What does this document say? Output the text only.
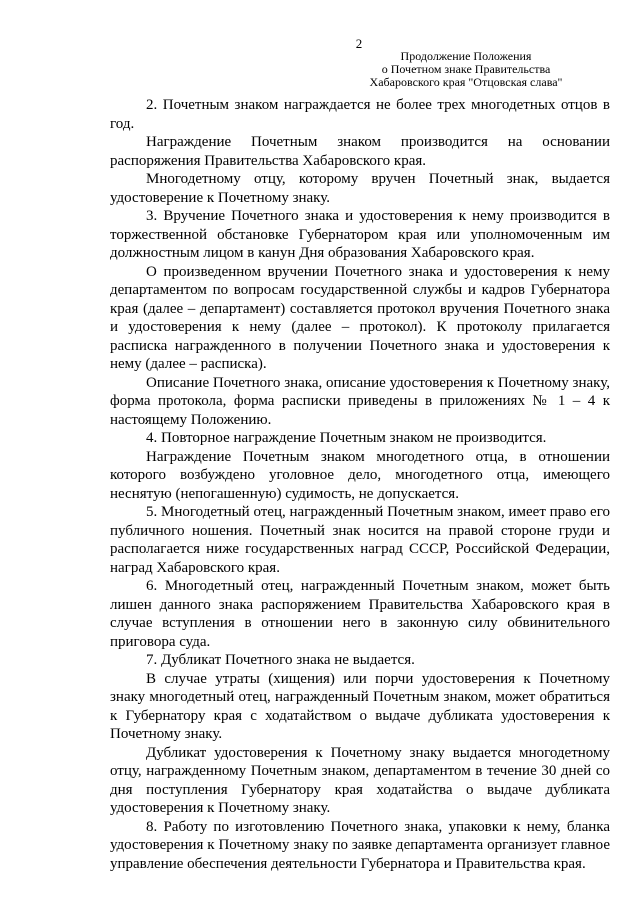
2
Продолжение Положения
о Почетном знаке Правительства
Хабаровского края "Отцовская слава"

2. Почетным знаком награждается не более трех многодетных отцов в год.

Награждение Почетным знаком производится на основании распоряжения Правительства Хабаровского края.

Многодетному отцу, которому вручен Почетный знак, выдается удостоверение к Почетному знаку.

3. Вручение Почетного знака и удостоверения к нему производится в торжественной обстановке Губернатором края или уполномоченным им должностным лицом в канун Дня образования Хабаровского края.

О произведенном вручении Почетного знака и удостоверения к нему департаментом по вопросам государственной службы и кадров Губернатора края (далее – департамент) составляется протокол вручения Почетного знака и удостоверения к нему (далее – протокол). К протоколу прилагается расписка награжденного в получении Почетного знака и удостоверения к нему (далее – расписка).

Описание Почетного знака, описание удостоверения к Почетному знаку, форма протокола, форма расписки приведены в приложениях № 1 – 4 к настоящему Положению.

4. Повторное награждение Почетным знаком не производится.

Награждение Почетным знаком многодетного отца, в отношении которого возбуждено уголовное дело, многодетного отца, имеющего неснятую (непогашенную) судимость, не допускается.

5. Многодетный отец, награжденный Почетным знаком, имеет право его публичного ношения. Почетный знак носится на правой стороне груди и располагается ниже государственных наград СССР, Российской Федерации, наград Хабаровского края.

6. Многодетный отец, награжденный Почетным знаком, может быть лишен данного знака распоряжением Правительства Хабаровского края в случае вступления в отношении него в законную силу обвинительного приговора суда.

7. Дубликат Почетного знака не выдается.

В случае утраты (хищения) или порчи удостоверения к Почетному знаку многодетный отец, награжденный Почетным знаком, может обратиться к Губернатору края с ходатайством о выдаче дубликата удостоверения к Почетному знаку.

Дубликат удостоверения к Почетному знаку выдается многодетному отцу, награжденному Почетным знаком, департаментом в течение 30 дней со дня поступления Губернатору края ходатайства о выдаче дубликата удостоверения к Почетному знаку.

8. Работу по изготовлению Почетного знака, упаковки к нему, бланка удостоверения к Почетному знаку по заявке департамента организует главное управление обеспечения деятельности Губернатора и Правительства края.
